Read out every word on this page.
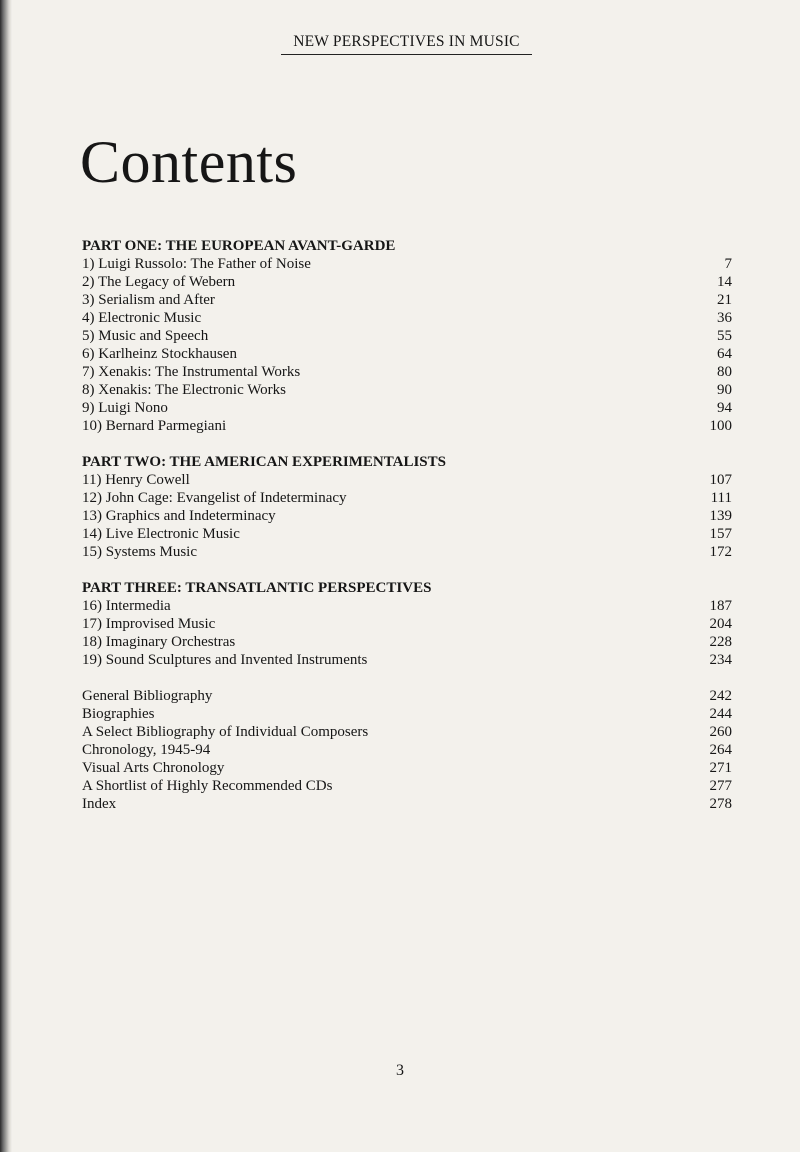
NEW PERSPECTIVES IN MUSIC
Contents
PART ONE: THE EUROPEAN AVANT-GARDE
1) Luigi Russolo: The Father of Noise	7
2) The Legacy of Webern	14
3) Serialism and After	21
4) Electronic Music	36
5) Music and Speech	55
6) Karlheinz Stockhausen	64
7) Xenakis: The Instrumental Works	80
8) Xenakis: The Electronic Works	90
9) Luigi Nono	94
10) Bernard Parmegiani	100
PART TWO: THE AMERICAN EXPERIMENTALISTS
11) Henry Cowell	107
12) John Cage: Evangelist of Indeterminacy	111
13) Graphics and Indeterminacy	139
14) Live Electronic Music	157
15) Systems Music	172
PART THREE: TRANSATLANTIC PERSPECTIVES
16) Intermedia	187
17) Improvised Music	204
18) Imaginary Orchestras	228
19) Sound Sculptures and Invented Instruments	234
General Bibliography	242
Biographies	244
A Select Bibliography of Individual Composers	260
Chronology, 1945-94	264
Visual Arts Chronology	271
A Shortlist of Highly Recommended CDs	277
Index	278
3
